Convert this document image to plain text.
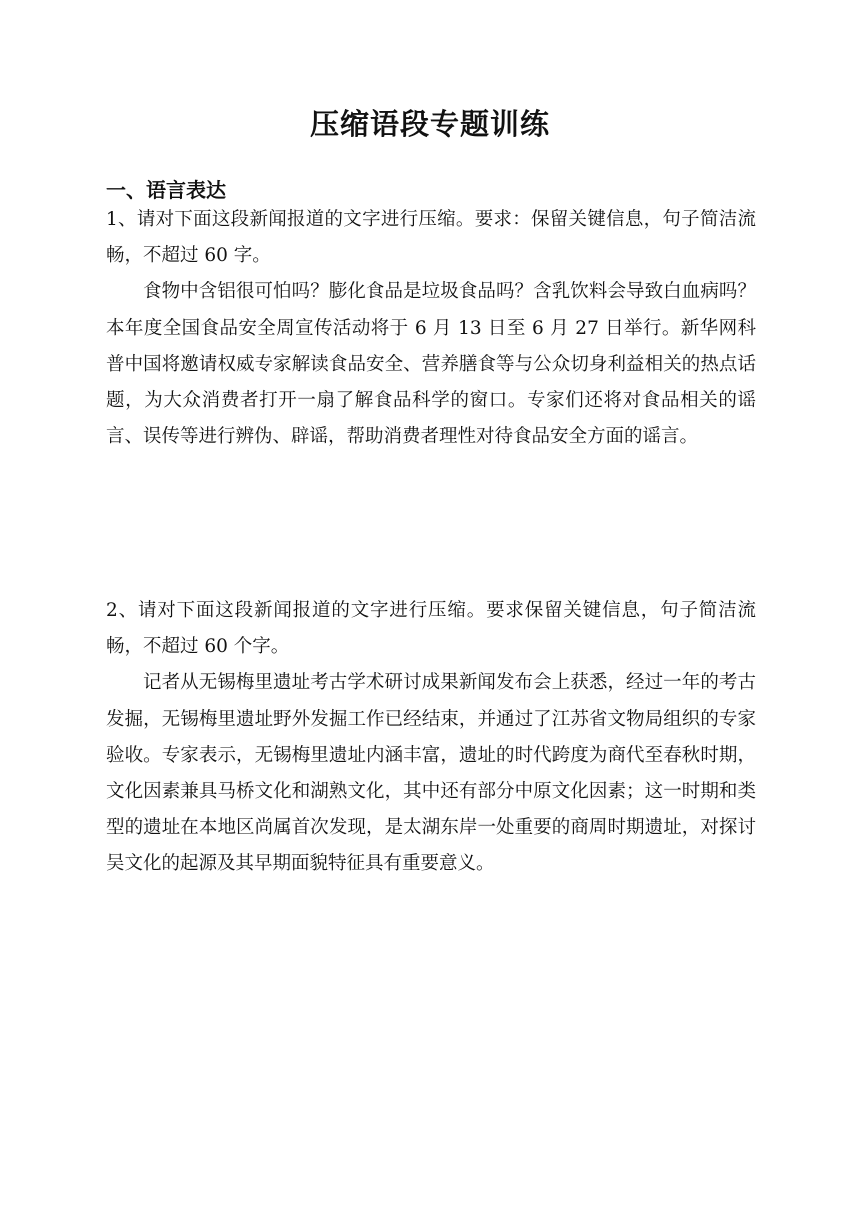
压缩语段专题训练
一、语言表达

1、请对下面这段新闻报道的文字进行压缩。要求：保留关键信息，句子简洁流畅，不超过 60 字。

食物中含铝很可怕吗？膨化食品是垃圾食品吗？含乳饮料会导致白血病吗？本年度全国食品安全周宣传活动将于 6 月 13 日至 6 月 27 日举行。新华网科普中国将邀请权威专家解读食品安全、营养膳食等与公众切身利益相关的热点话题，为大众消费者打开一扇了解食品科学的窗口。专家们还将对食品相关的谣言、误传等进行辨伪、辟谣，帮助消费者理性对待食品安全方面的谣言。

2、请对下面这段新闻报道的文字进行压缩。要求保留关键信息，句子简洁流畅，不超过 60 个字。

记者从无锡梅里遗址考古学术研讨成果新闻发布会上获悉，经过一年的考古发掘，无锡梅里遗址野外发掘工作已经结束，并通过了江苏省文物局组织的专家验收。专家表示，无锡梅里遗址内涵丰富，遗址的时代跨度为商代至春秋时期，文化因素兼具马桥文化和湖熟文化，其中还有部分中原文化因素；这一时期和类型的遗址在本地区尚属首次发现，是太湖东岸一处重要的商周时期遗址，对探讨吴文化的起源及其早期面貌特征具有重要意义。
